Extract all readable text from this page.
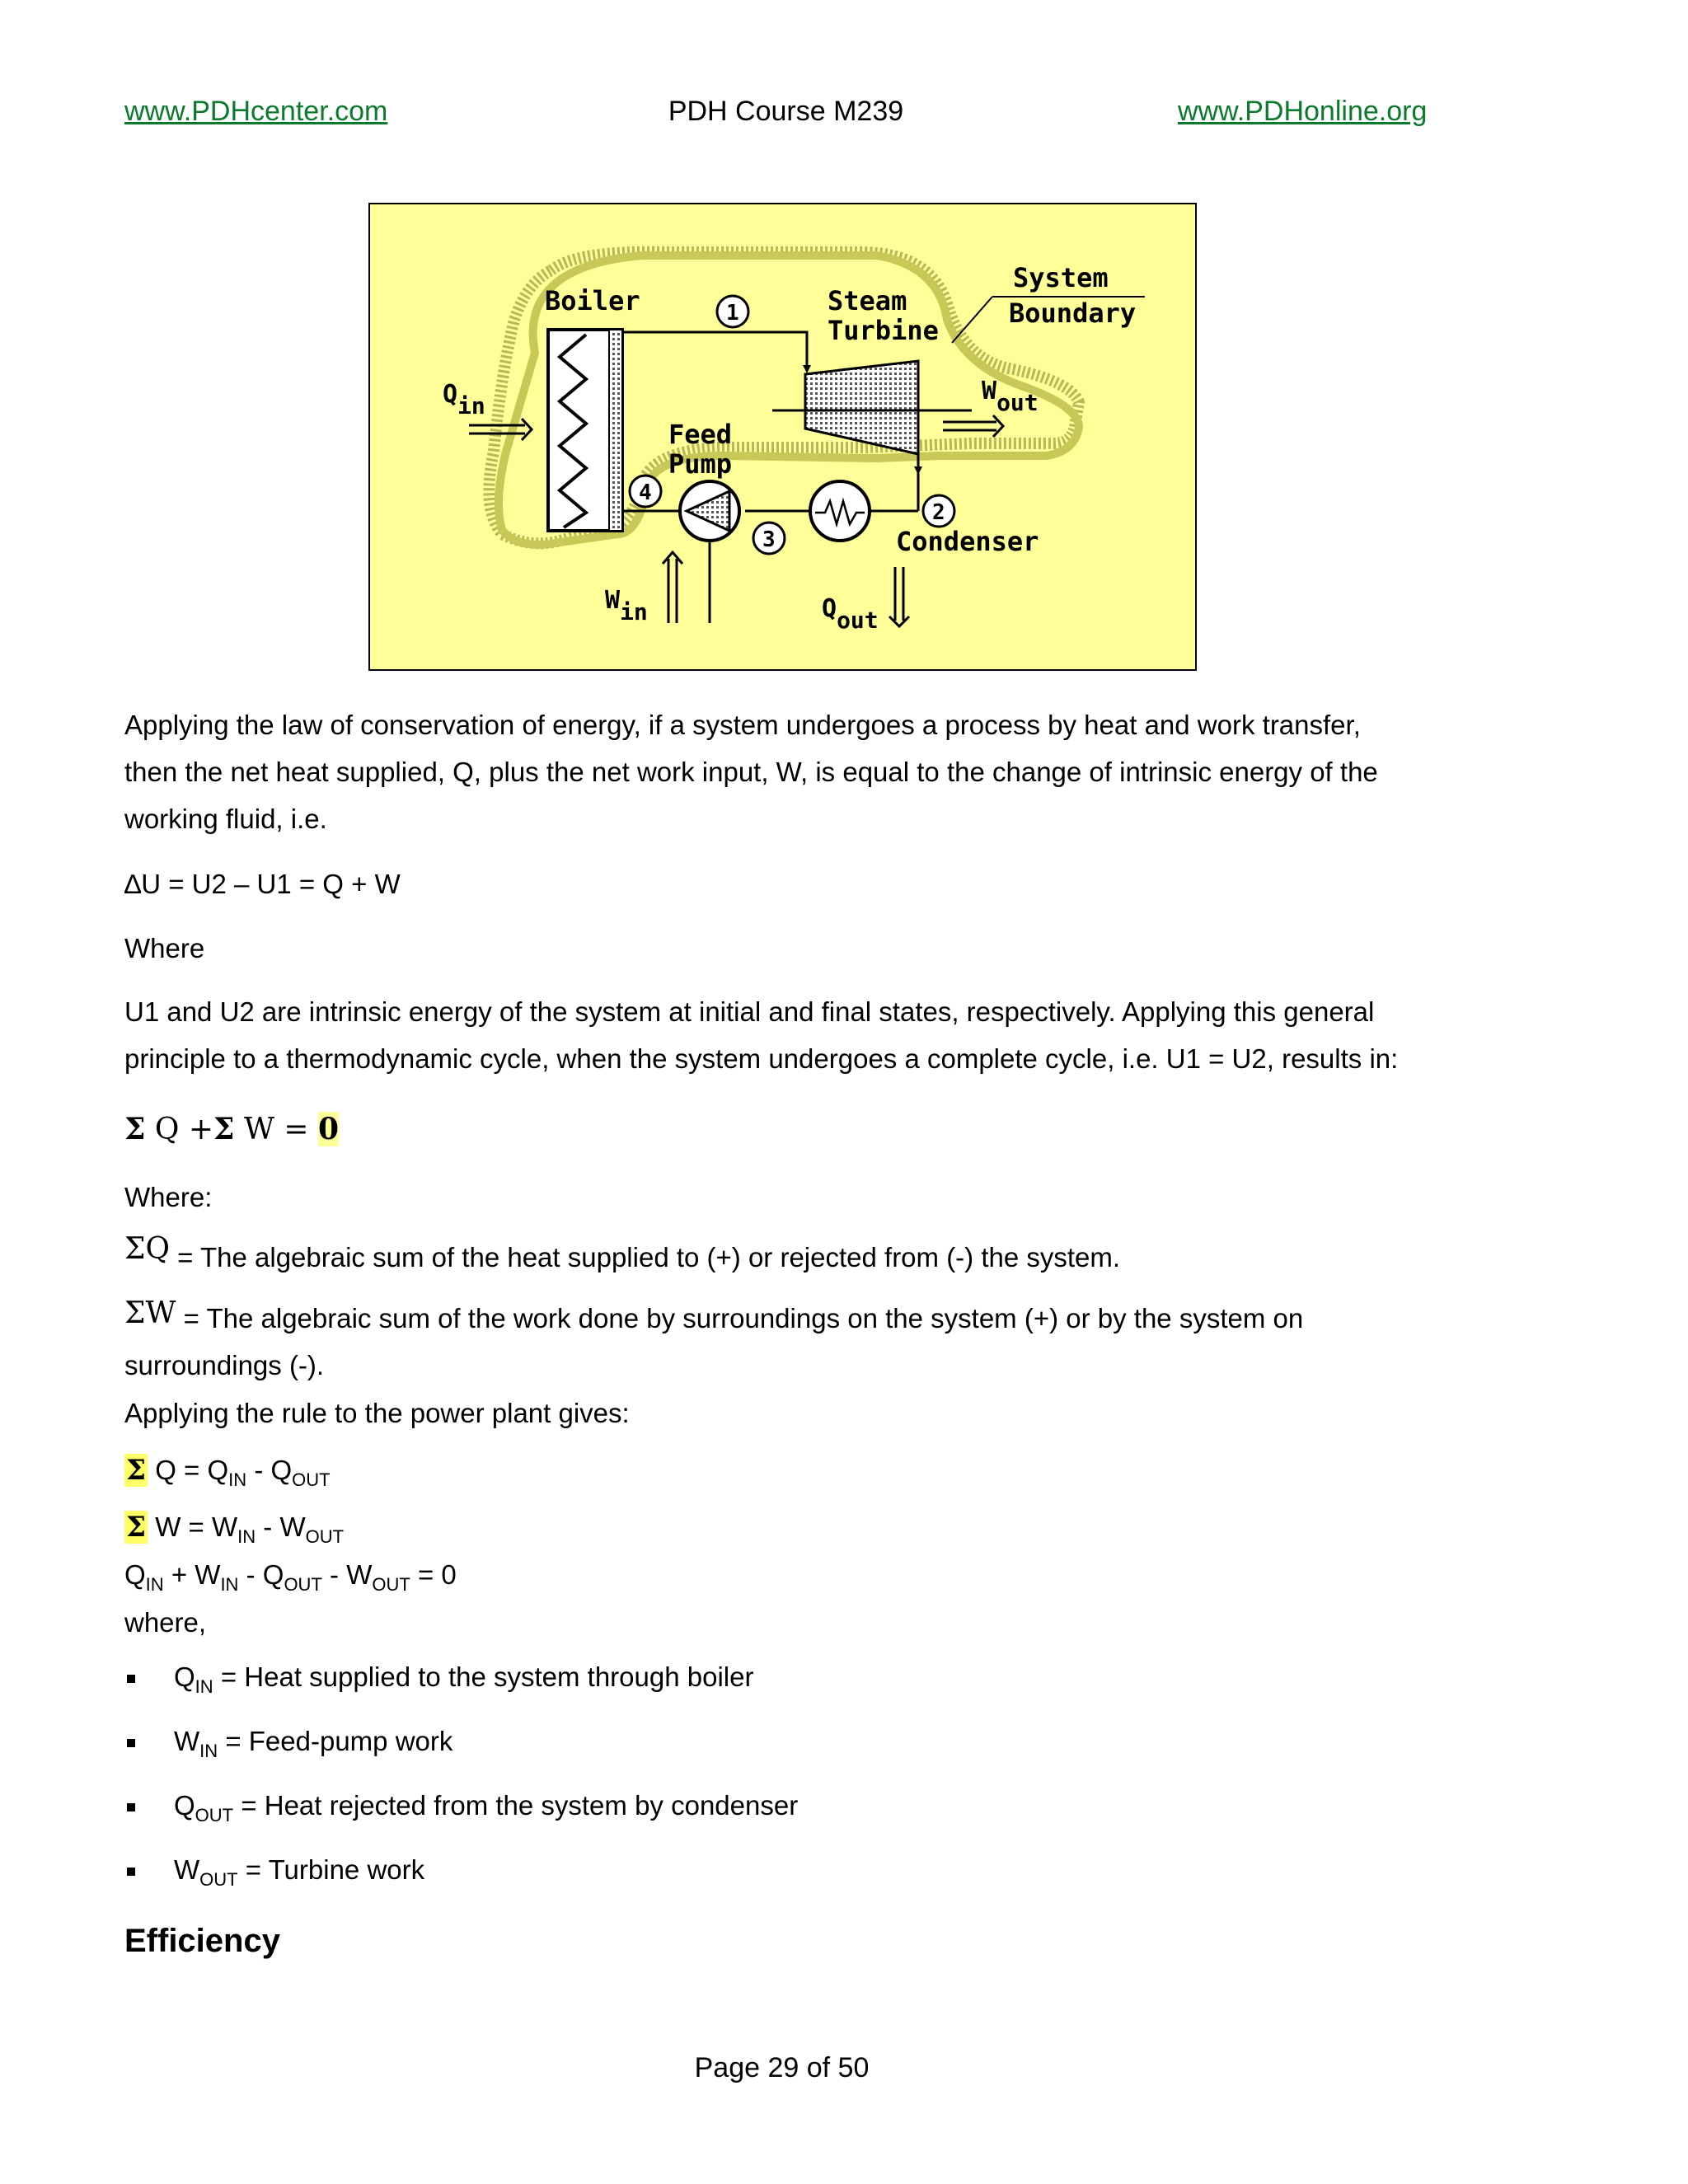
www.PDHcenter.com	PDH Course M239	www.PDHonline.org
Boiler	Steam
Turbine
System
Boundary
Feed
Pump
Condenser
Qin
Wout
Win	Qout
1
2
3
4
Applying the law of conservation of energy, if a system undergoes a process by heat and work transfer,
then the net heat supplied, Q, plus the net work input, W, is equal to the change of intrinsic energy of the
working fluid, i.e.
∆U = U2 – U1 = Q + W
Where
U1 and U2 are intrinsic energy of the system at initial and final states, respectively. Applying this general
principle to a thermodynamic cycle, when the system undergoes a complete cycle, i.e. U1 = U2, results in:
Σ Q +Σ W = 0
Where:
ΣQ = The algebraic sum of the heat supplied to (+) or rejected from (-) the system.
ΣW = The algebraic sum of the work done by surroundings on the system (+) or by the system on
surroundings (-).
Applying the rule to the power plant gives:
Σ $Q = Q_{IN} - Q_{OUT}$
Σ $W = W_{IN} - W_{OUT}$
$Q_{IN} + W_{IN} - Q_{OUT} - W_{OUT} = 0$
where,
$Q_{IN}$ = Heat supplied to the system through boiler
$W_{IN}$ = Feed-pump work
$Q_{OUT}$ = Heat rejected from the system by condenser
$W_{OUT}$ = Turbine work
Efficiency
Page 29 of 50
